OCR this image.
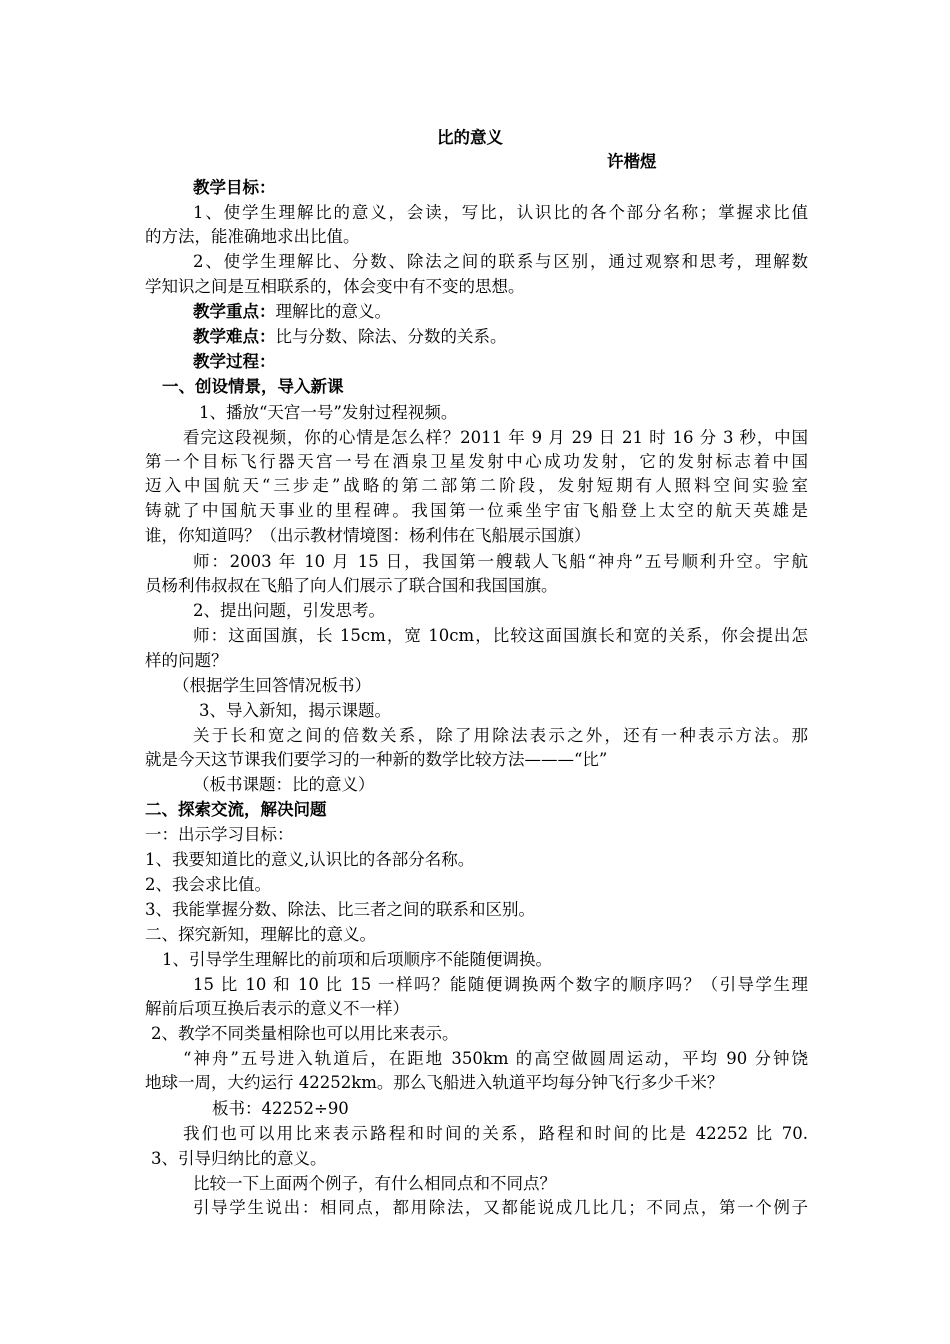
比的意义
许楷煜
教学目标：
1、使学生理解比的意义，会读，写比，认识比的各个部分名称；掌握求比值
的方法，能准确地求出比值。
2、使学生理解比、分数、除法之间的联系与区别，通过观察和思考，理解数
学知识之间是互相联系的，体会变中有不变的思想。
教学重点：理解比的意义。
教学难点：比与分数、除法、分数的关系。
教学过程：
一、创设情景，导入新课
1、播放“天宫一号”发射过程视频。
看完这段视频，你的心情是怎么样？2011 年 9 月 29 日 21 时 16 分 3 秒，中国
第一个目标飞行器天宫一号在酒泉卫星发射中心成功发射，它的发射标志着中国
迈入中国航天“三步走”战略的第二部第二阶段，发射短期有人照料空间实验室
铸就了中国航天事业的里程碑。我国第一位乘坐宇宙飞船登上太空的航天英雄是
谁，你知道吗？（出示教材情境图：杨利伟在飞船展示国旗）
师：2003 年 10 月 15 日，我国第一艘载人飞船“神舟”五号顺利升空。宇航
员杨利伟叔叔在飞船了向人们展示了联合国和我国国旗。
2、提出问题，引发思考。
师：这面国旗，长 15cm，宽 10cm，比较这面国旗长和宽的关系，你会提出怎
样的问题？
（根据学生回答情况板书）
3、导入新知，揭示课题。
关于长和宽之间的倍数关系，除了用除法表示之外，还有一种表示方法。那
就是今天这节课我们要学习的一种新的数学比较方法———“比”
（板书课题：比的意义）
二、探索交流，解决问题
一：出示学习目标：
1、我要知道比的意义,认识比的各部分名称。
2、我会求比值。
3、我能掌握分数、除法、比三者之间的联系和区别。
二、探究新知，理解比的意义。
1、引导学生理解比的前项和后项顺序不能随便调换。
15 比 10 和 10 比 15 一样吗？能随便调换两个数字的顺序吗？（引导学生理
解前后项互换后表示的意义不一样）
2、教学不同类量相除也可以用比来表示。
“神舟”五号进入轨道后，在距地 350km 的高空做圆周运动，平均 90 分钟饶
地球一周，大约运行 42252km。那么飞船进入轨道平均每分钟飞行多少千米？
板书：42252÷90
我们也可以用比来表示路程和时间的关系，路程和时间的比是 42252 比 70.
3、引导归纳比的意义。
比较一下上面两个例子，有什么相同点和不同点？
引导学生说出：相同点，都用除法，又都能说成几比几；不同点，第一个例子
